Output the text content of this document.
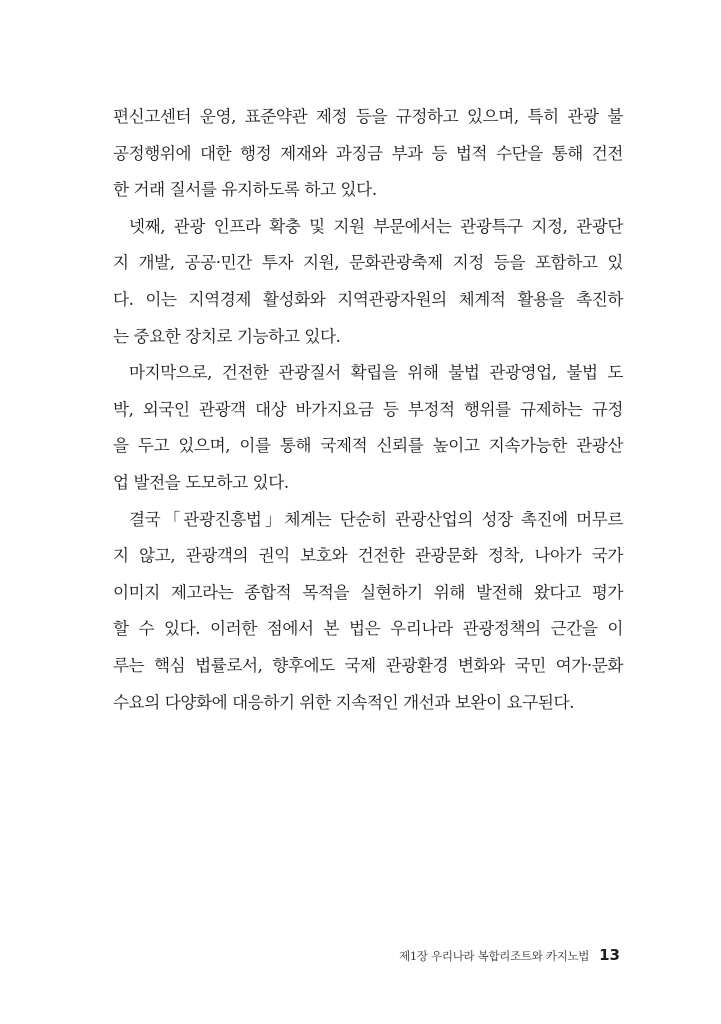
편신고센터 운영, 표준약관 제정 등을 규정하고 있으며, 특히 관광 불
공정행위에 대한 행정 제재와 과징금 부과 등 법적 수단을 통해 건전
한 거래 질서를 유지하도록 하고 있다.
넷째, 관광 인프라 확충 및 지원 부문에서는 관광특구 지정, 관광단
지 개발, 공공·민간 투자 지원, 문화관광축제 지정 등을 포함하고 있
다. 이는 지역경제 활성화와 지역관광자원의 체계적 활용을 촉진하
는 중요한 장치로 기능하고 있다.
마지막으로, 건전한 관광질서 확립을 위해 불법 관광영업, 불법 도
박, 외국인 관광객 대상 바가지요금 등 부정적 행위를 규제하는 규정
을 두고 있으며, 이를 통해 국제적 신뢰를 높이고 지속가능한 관광산
업 발전을 도모하고 있다.
결국「관광진흥법」체계는 단순히 관광산업의 성장 촉진에 머무르
지 않고, 관광객의 권익 보호와 건전한 관광문화 정착, 나아가 국가
이미지 제고라는 종합적 목적을 실현하기 위해 발전해 왔다고 평가
할 수 있다. 이러한 점에서 본 법은 우리나라 관광정책의 근간을 이
루는 핵심 법률로서, 향후에도 국제 관광환경 변화와 국민 여가·문화
수요의 다양화에 대응하기 위한 지속적인 개선과 보완이 요구된다.
제1장 우리나라 복합리조트와 카지노법 13
